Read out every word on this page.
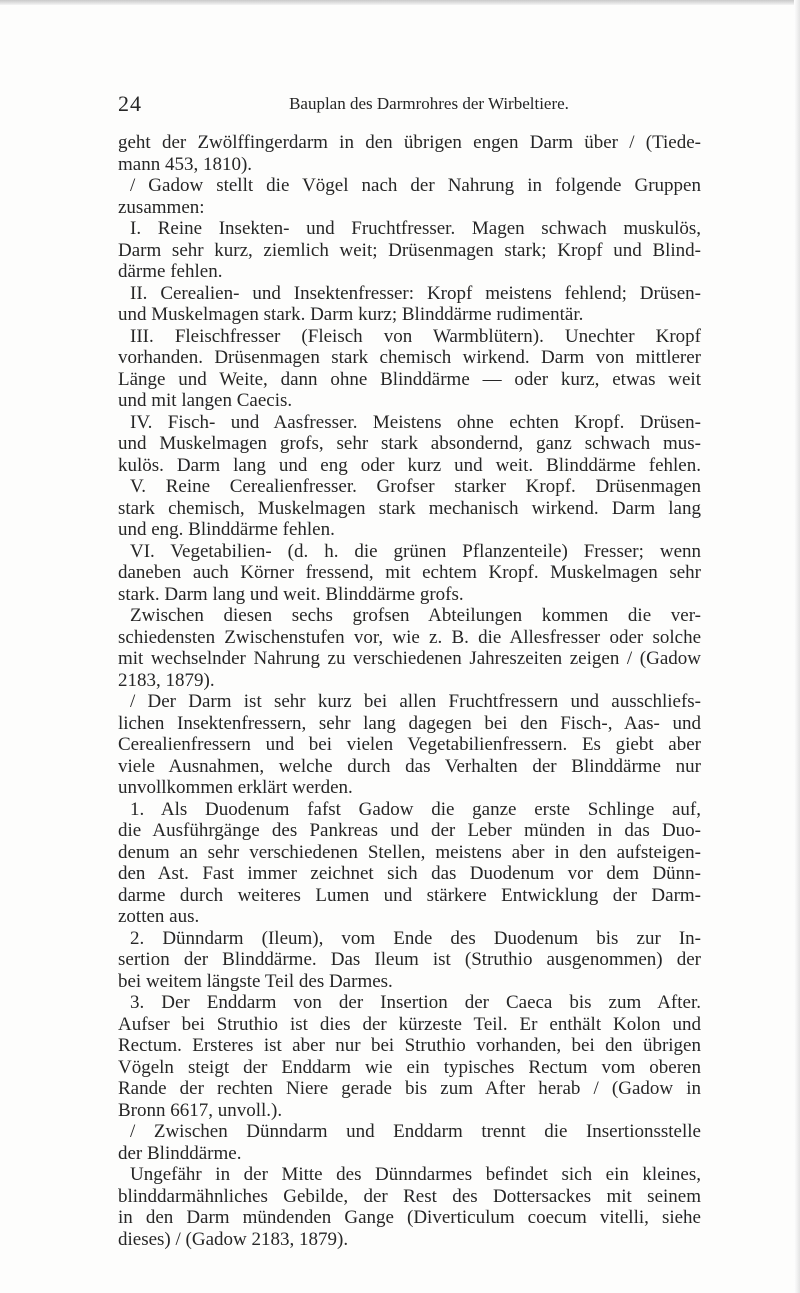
24	Bauplan des Darmrohres der Wirbeltiere.
geht der Zwölffingerdarm in den übrigen engen Darm über / (Tiede-
mann 453, 1810).
/ Gadow stellt die Vögel nach der Nahrung in folgende Gruppen
zusammen:
I. Reine Insekten- und Fruchtfresser. Magen schwach muskulös,
Darm sehr kurz, ziemlich weit; Drüsenmagen stark; Kropf und Blind-
därme fehlen.
II. Cerealien- und Insektenfresser: Kropf meistens fehlend; Drüsen-
und Muskelmagen stark. Darm kurz; Blinddärme rudimentär.
III. Fleischfresser (Fleisch von Warmblütern). Unechter Kropf
vorhanden. Drüsenmagen stark chemisch wirkend. Darm von mittlerer
Länge und Weite, dann ohne Blinddärme — oder kurz, etwas weit
und mit langen Caecis.
IV. Fisch- und Aasfresser. Meistens ohne echten Kropf. Drüsen-
und Muskelmagen grofs, sehr stark absondernd, ganz schwach mus-
kulös. Darm lang und eng oder kurz und weit. Blinddärme fehlen.
V. Reine Cerealienfresser. Grofser starker Kropf. Drüsenmagen
stark chemisch, Muskelmagen stark mechanisch wirkend. Darm lang
und eng. Blinddärme fehlen.
VI. Vegetabilien- (d. h. die grünen Pflanzenteile) Fresser; wenn
daneben auch Körner fressend, mit echtem Kropf. Muskelmagen sehr
stark. Darm lang und weit. Blinddärme grofs.
Zwischen diesen sechs grofsen Abteilungen kommen die ver-
schiedensten Zwischenstufen vor, wie z. B. die Allesfresser oder solche
mit wechselnder Nahrung zu verschiedenen Jahreszeiten zeigen / (Gadow
2183, 1879).
/ Der Darm ist sehr kurz bei allen Fruchtfressern und ausschliefs-
lichen Insektenfressern, sehr lang dagegen bei den Fisch-, Aas- und
Cerealienfressern und bei vielen Vegetabilienfressern. Es giebt aber
viele Ausnahmen, welche durch das Verhalten der Blinddärme nur
unvollkommen erklärt werden.
1. Als Duodenum fafst Gadow die ganze erste Schlinge auf,
die Ausführgänge des Pankreas und der Leber münden in das Duo-
denum an sehr verschiedenen Stellen, meistens aber in den aufsteigen-
den Ast. Fast immer zeichnet sich das Duodenum vor dem Dünn-
darme durch weiteres Lumen und stärkere Entwicklung der Darm-
zotten aus.
2. Dünndarm (Ileum), vom Ende des Duodenum bis zur In-
sertion der Blinddärme. Das Ileum ist (Struthio ausgenommen) der
bei weitem längste Teil des Darmes.
3. Der Enddarm von der Insertion der Caeca bis zum After.
Aufser bei Struthio ist dies der kürzeste Teil. Er enthält Kolon und
Rectum. Ersteres ist aber nur bei Struthio vorhanden, bei den übrigen
Vögeln steigt der Enddarm wie ein typisches Rectum vom oberen
Rande der rechten Niere gerade bis zum After herab / (Gadow in
Bronn 6617, unvoll.).
/ Zwischen Dünndarm und Enddarm trennt die Insertionsstelle
der Blinddärme.
Ungefähr in der Mitte des Dünndarmes befindet sich ein kleines,
blinddarmähnliches Gebilde, der Rest des Dottersackes mit seinem
in den Darm mündenden Gange (Diverticulum coecum vitelli, siehe
dieses) / (Gadow 2183, 1879).
